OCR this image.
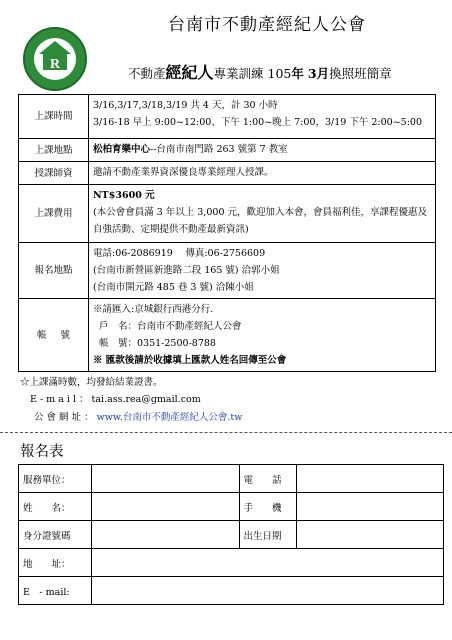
R
台南市不動產經紀人公會
不動產經紀人專業訓練 105年 3月換照班簡章
上課時間	3/16,3/17,3/18,3/19 共 4 天，計 30 小時
3/16-18 早上 9:00~12:00、下午 1:00~晚上 7:00，3/19 下午 2:00~5:00

上課地點	松柏育樂中心--台南市南門路 263 號第 7 教室
授課師資	邀請不動產業界資深優良專業經理人授課。
上課費用	NT$3600 元
(本公會會員滿 3 年以上 3,000 元，歡迎加入本會，會員福利佳，享課程優惠及自強活動、定期提供不動產最新資訊)

報名地點	電話:06-2086919　 傳真:06-2756609
(台南市新營區新進路二段 165 號) 洽郭小姐
(台南市開元路 485 巷 3 號) 洽陳小姐

帳號	※請匯入:京城銀行西港分行.
戶　名：台南市不動產經紀人公會
帳　號：0351-2500-8788
※ 匯款後請於收據填上匯款人姓名回傳至公會
☆上課滿時數，均發給結業證書。
E - m a i l ： tai.ass.rea@gmail.com
公 會 網 址 ： www.台南市不動產經紀人公會.tw
報名表
服務單位：		電　　話	
姓　　名：		手　　機	
身分證號碼		出生日期	
地　　址：			
E　- mail:			
